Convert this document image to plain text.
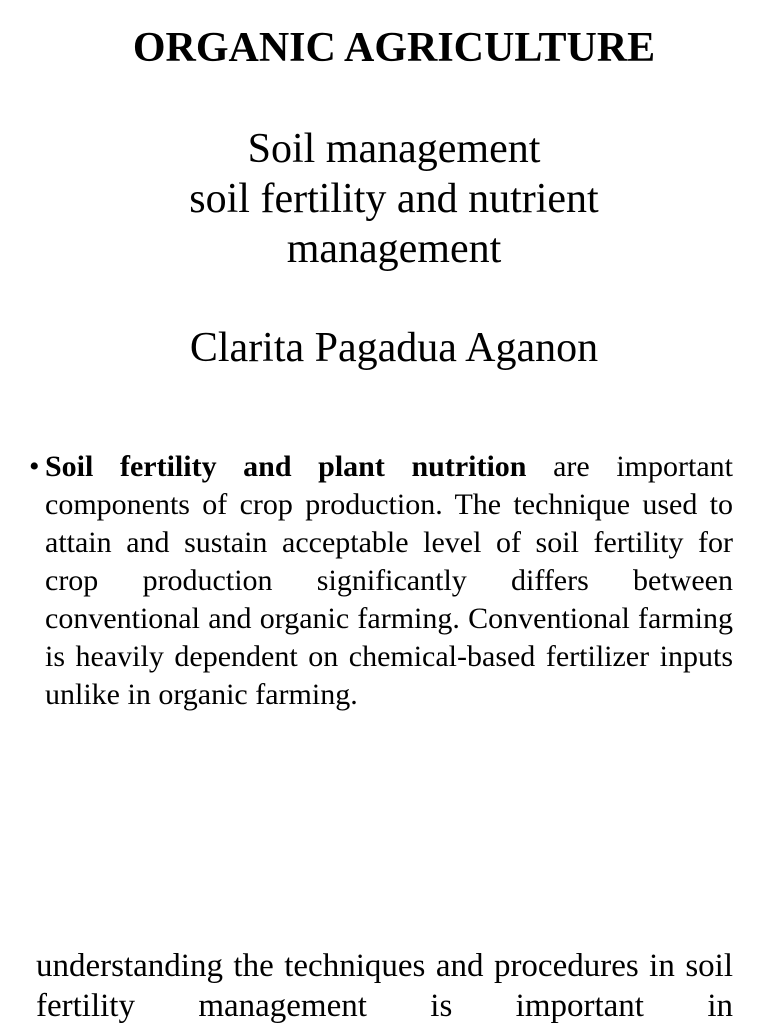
ORGANIC AGRICULTURE
Soil management
soil fertility and nutrient
management
Clarita Pagadua Aganon
• Soil fertility and plant nutrition are important components of crop production. The technique used to attain and sustain acceptable level of soil fertility for crop production significantly differs between conventional and organic farming. Conventional farming is heavily dependent on chemical-based fertilizer inputs unlike in organic farming.

understanding the techniques and procedures in soil fertility management is important in
